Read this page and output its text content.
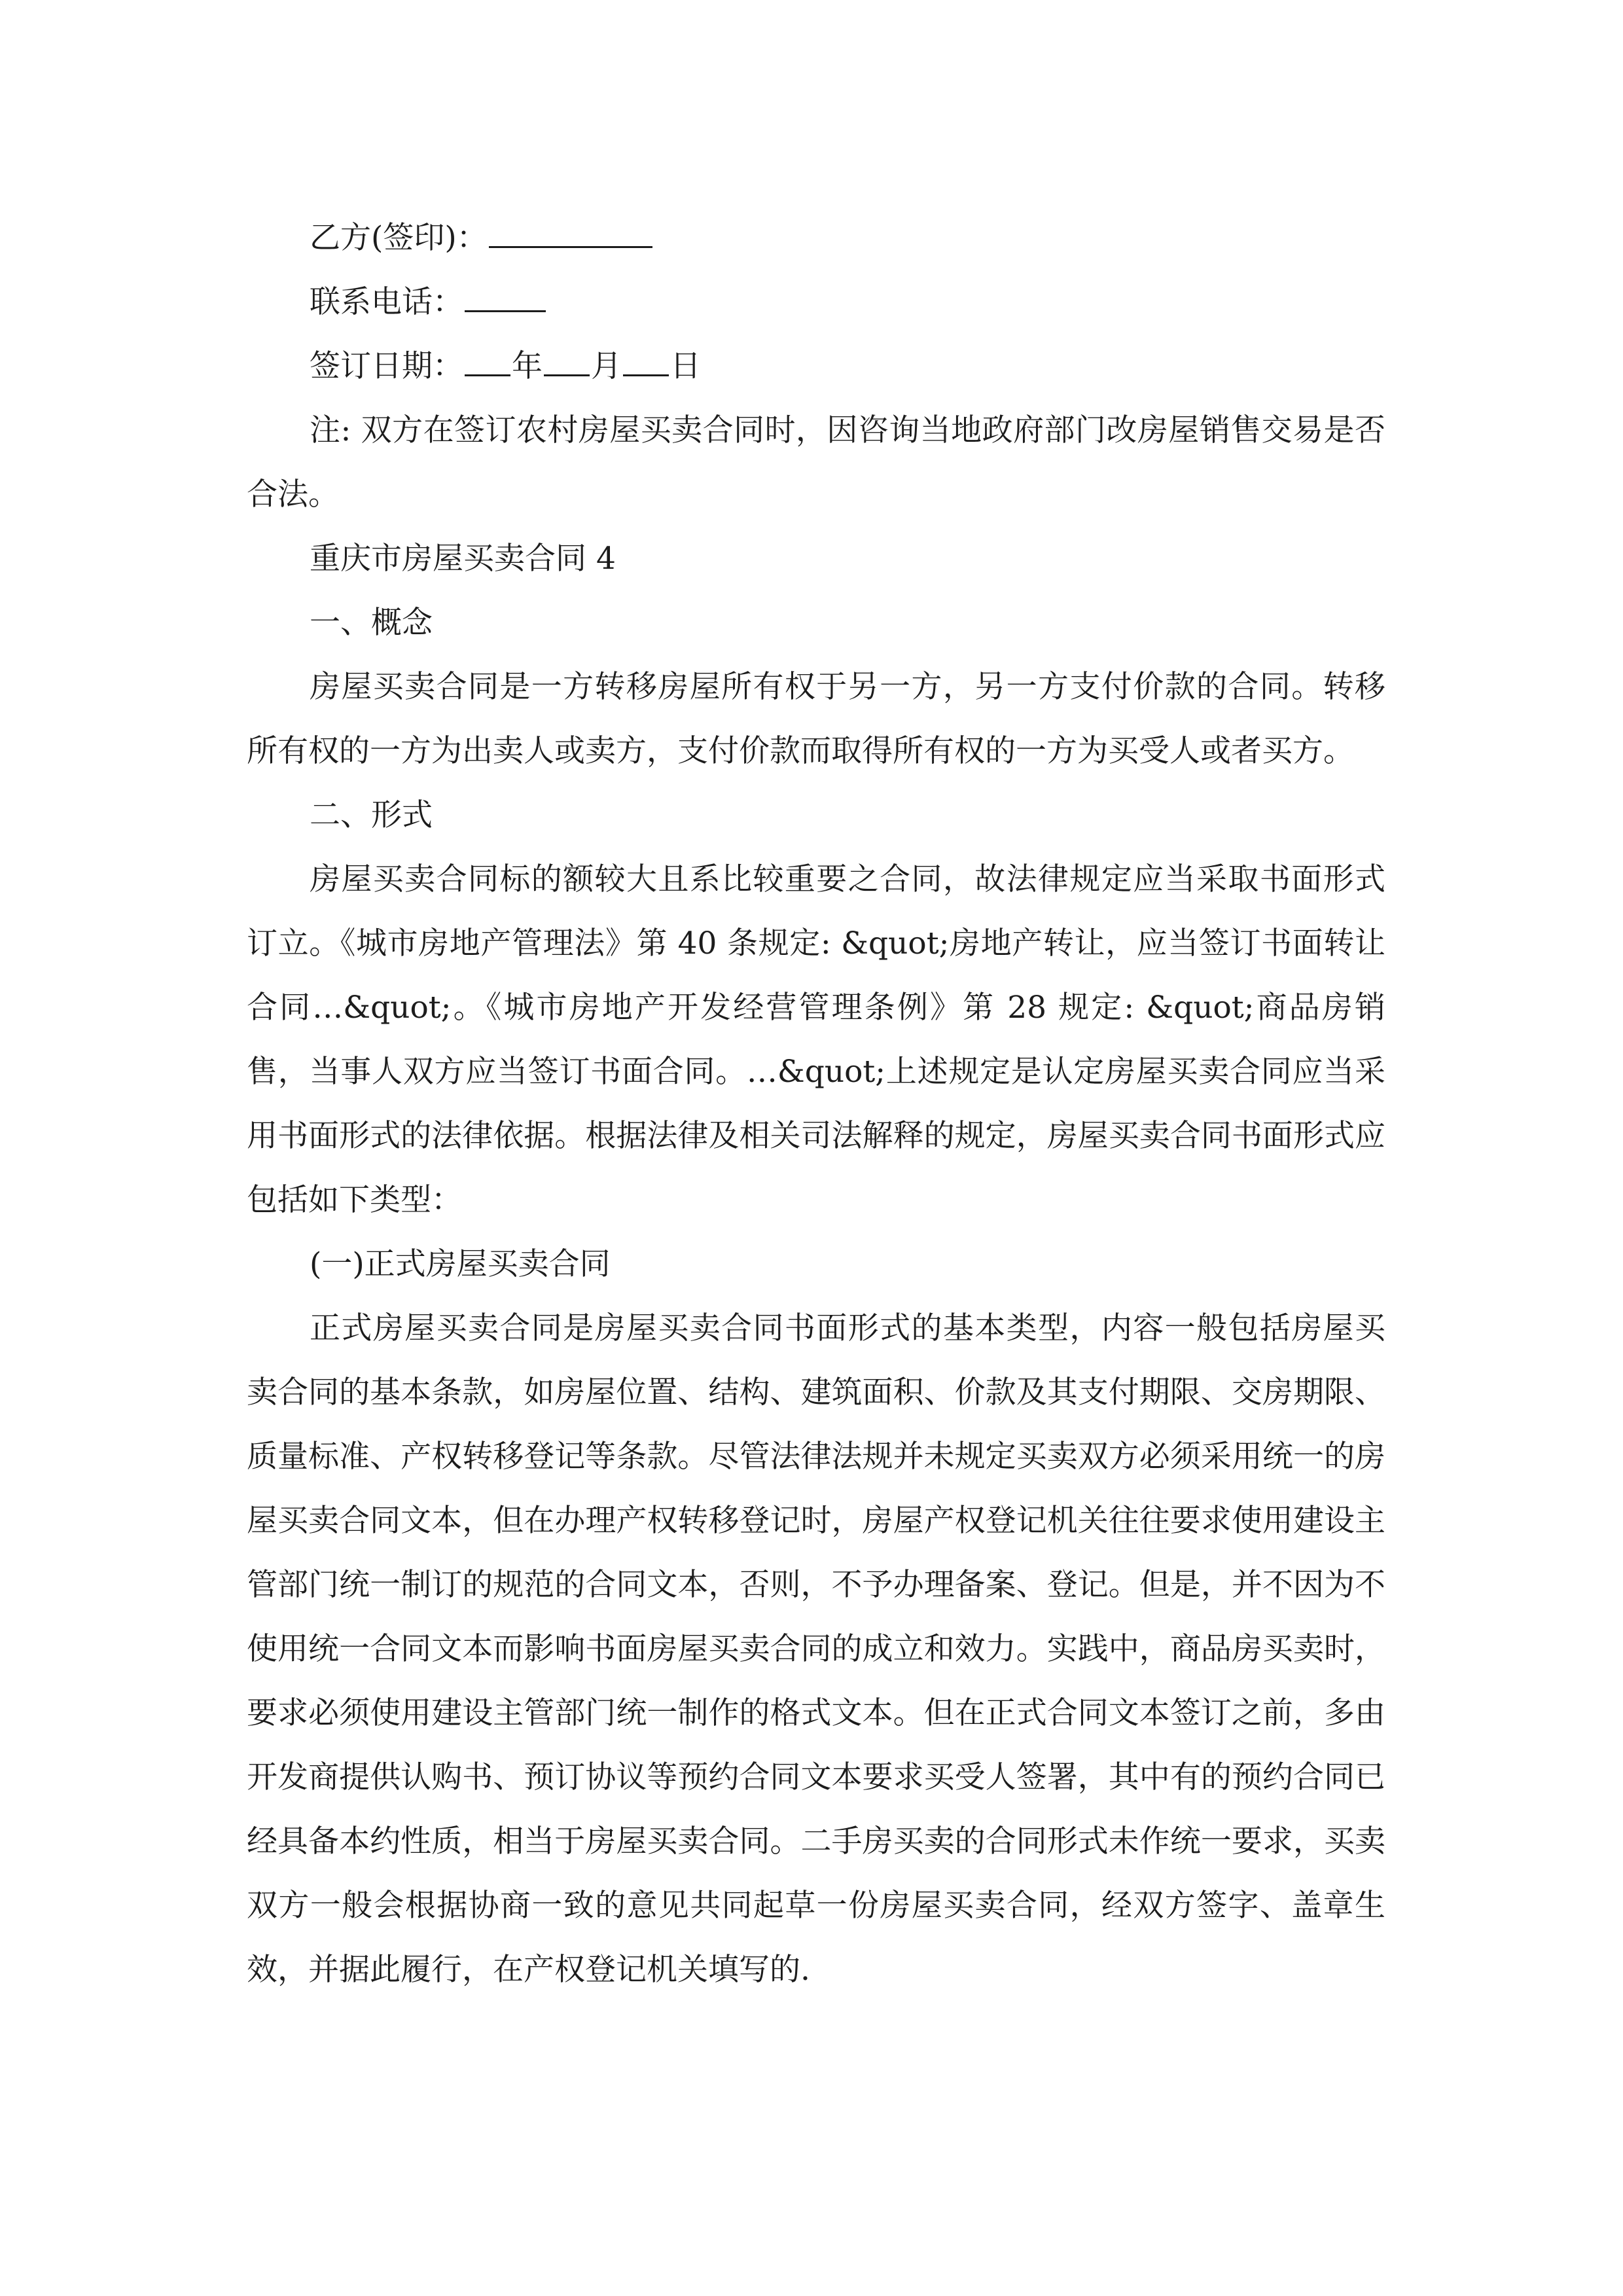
乙方(签印)：
联系电话：
签订日期： 年 月 日

注: 双方在签订农村房屋买卖合同时，因咨询当地政府部门改房屋销售交易是否合法。

重庆市房屋买卖合同 4
一、概念

房屋买卖合同是一方转移房屋所有权于另一方，另一方支付价款的合同。转移所有权的一方为出卖人或卖方，支付价款而取得所有权的一方为买受人或者买方。

二、形式

房屋买卖合同标的额较大且系比较重要之合同，故法律规定应当采取书面形式订立。《城市房地产管理法》第 40 条规定: &quot;房地产转让，应当签订书面转让合同…&quot;。《城市房地产开发经营管理条例》第 28 规定: &quot;商品房销售，当事人双方应当签订书面合同。…&quot;上述规定是认定房屋买卖合同应当采用书面形式的法律依据。根据法律及相关司法解释的规定，房屋买卖合同书面形式应包括如下类型：

(一)正式房屋买卖合同

正式房屋买卖合同是房屋买卖合同书面形式的基本类型，内容一般包括房屋买卖合同的基本条款，如房屋位置、结构、建筑面积、价款及其支付期限、交房期限、质量标准、产权转移登记等条款。尽管法律法规并未规定买卖双方必须采用统一的房屋买卖合同文本，但在办理产权转移登记时，房屋产权登记机关往往要求使用建设主管部门统一制订的规范的合同文本，否则，不予办理备案、登记。但是，并不因为不使用统一合同文本而影响书面房屋买卖合同的成立和效力。实践中，商品房买卖时，要求必须使用建设主管部门统一制作的格式文本。但在正式合同文本签订之前，多由开发商提供认购书、预订协议等预约合同文本要求买受人签署，其中有的预约合同已经具备本约性质，相当于房屋买卖合同。二手房买卖的合同形式未作统一要求，买卖双方一般会根据协商一致的意见共同起草一份房屋买卖合同，经双方签字、盖章生效，并据此履行，在产权登记机关填写的.
